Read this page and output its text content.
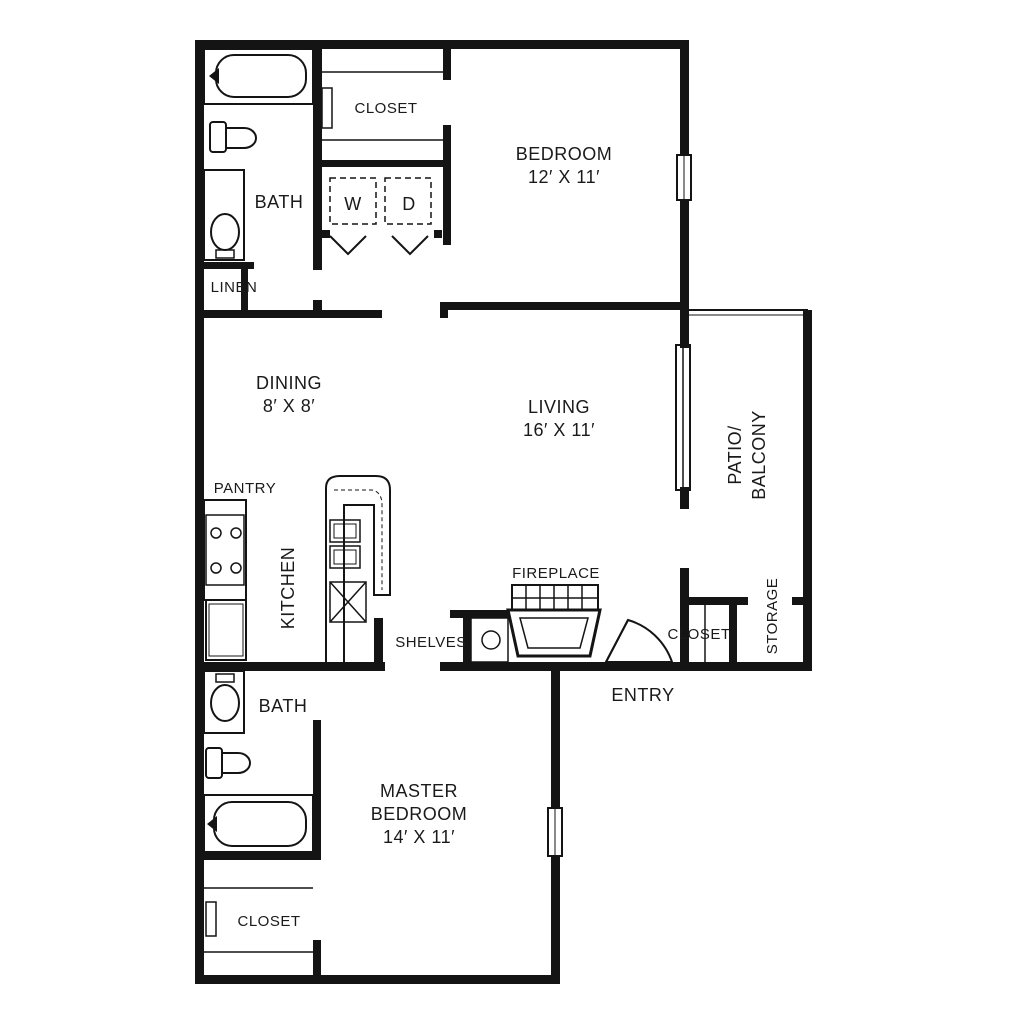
BEDROOM
12′ X 11′
CLOSET
BATH W D
LINEN
DINING
8′ X 8′	LIVING
16′ X 11′	PATIO/ BALCONY
PANTRY
KITCHEN	FIREPLACE
SHELVES	CLOSET STORAGE
ENTRY
BATH
MASTER
BEDROOM
14′ X 11′
CLOSET
